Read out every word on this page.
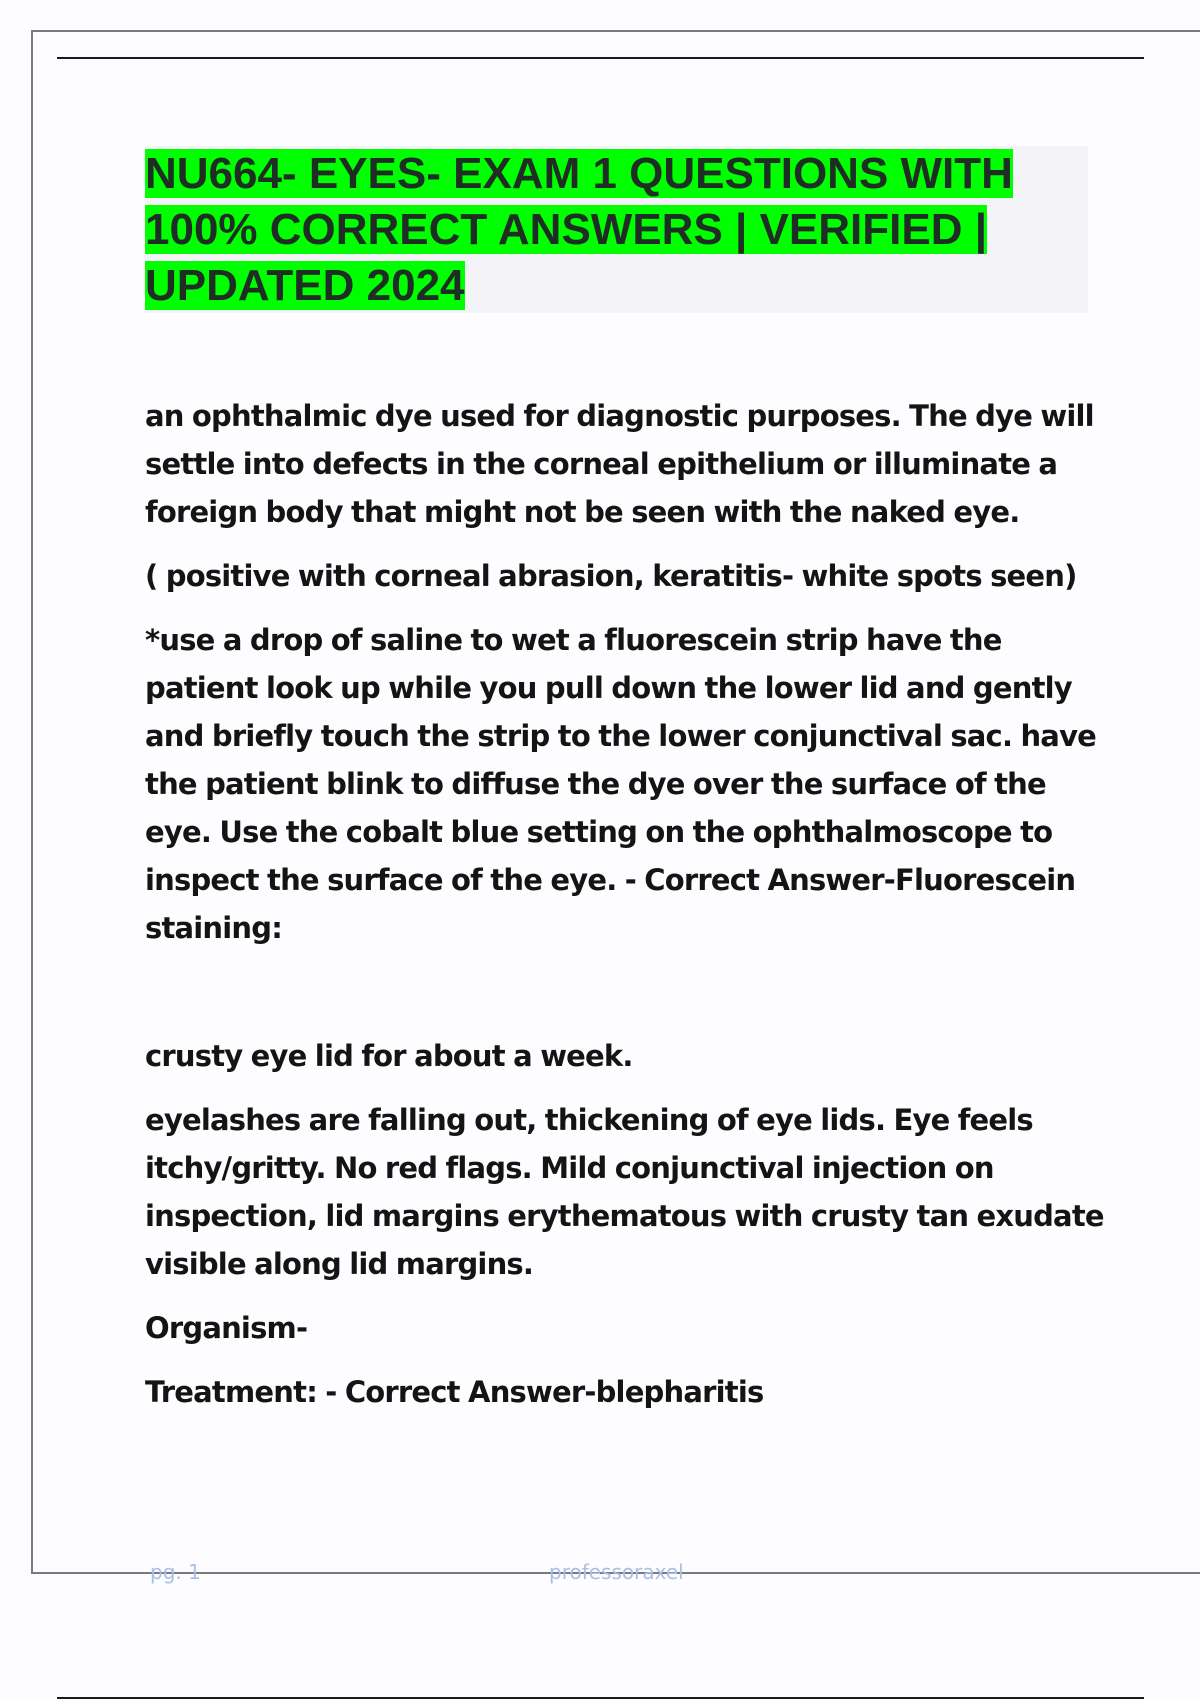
NU664- EYES- EXAM 1 QUESTIONS WITH 100% CORRECT ANSWERS | VERIFIED | UPDATED 2024

an ophthalmic dye used for diagnostic purposes. The dye will settle into defects in the corneal epithelium or illuminate a foreign body that might not be seen with the naked eye.

( positive with corneal abrasion, keratitis- white spots seen)

*use a drop of saline to wet a fluorescein strip have the patient look up while you pull down the lower lid and gently and briefly touch the strip to the lower conjunctival sac. have the patient blink to diffuse the dye over the surface of the eye. Use the cobalt blue setting on the ophthalmoscope to inspect the surface of the eye. - Correct Answer-Fluorescein staining:

crusty eye lid for about a week.

eyelashes are falling out, thickening of eye lids. Eye feels itchy/gritty. No red flags. Mild conjunctival injection on inspection, lid margins erythematous with crusty tan exudate visible along lid margins.

Organism-

Treatment: - Correct Answer-blepharitis

pg. 1	professoraxel
